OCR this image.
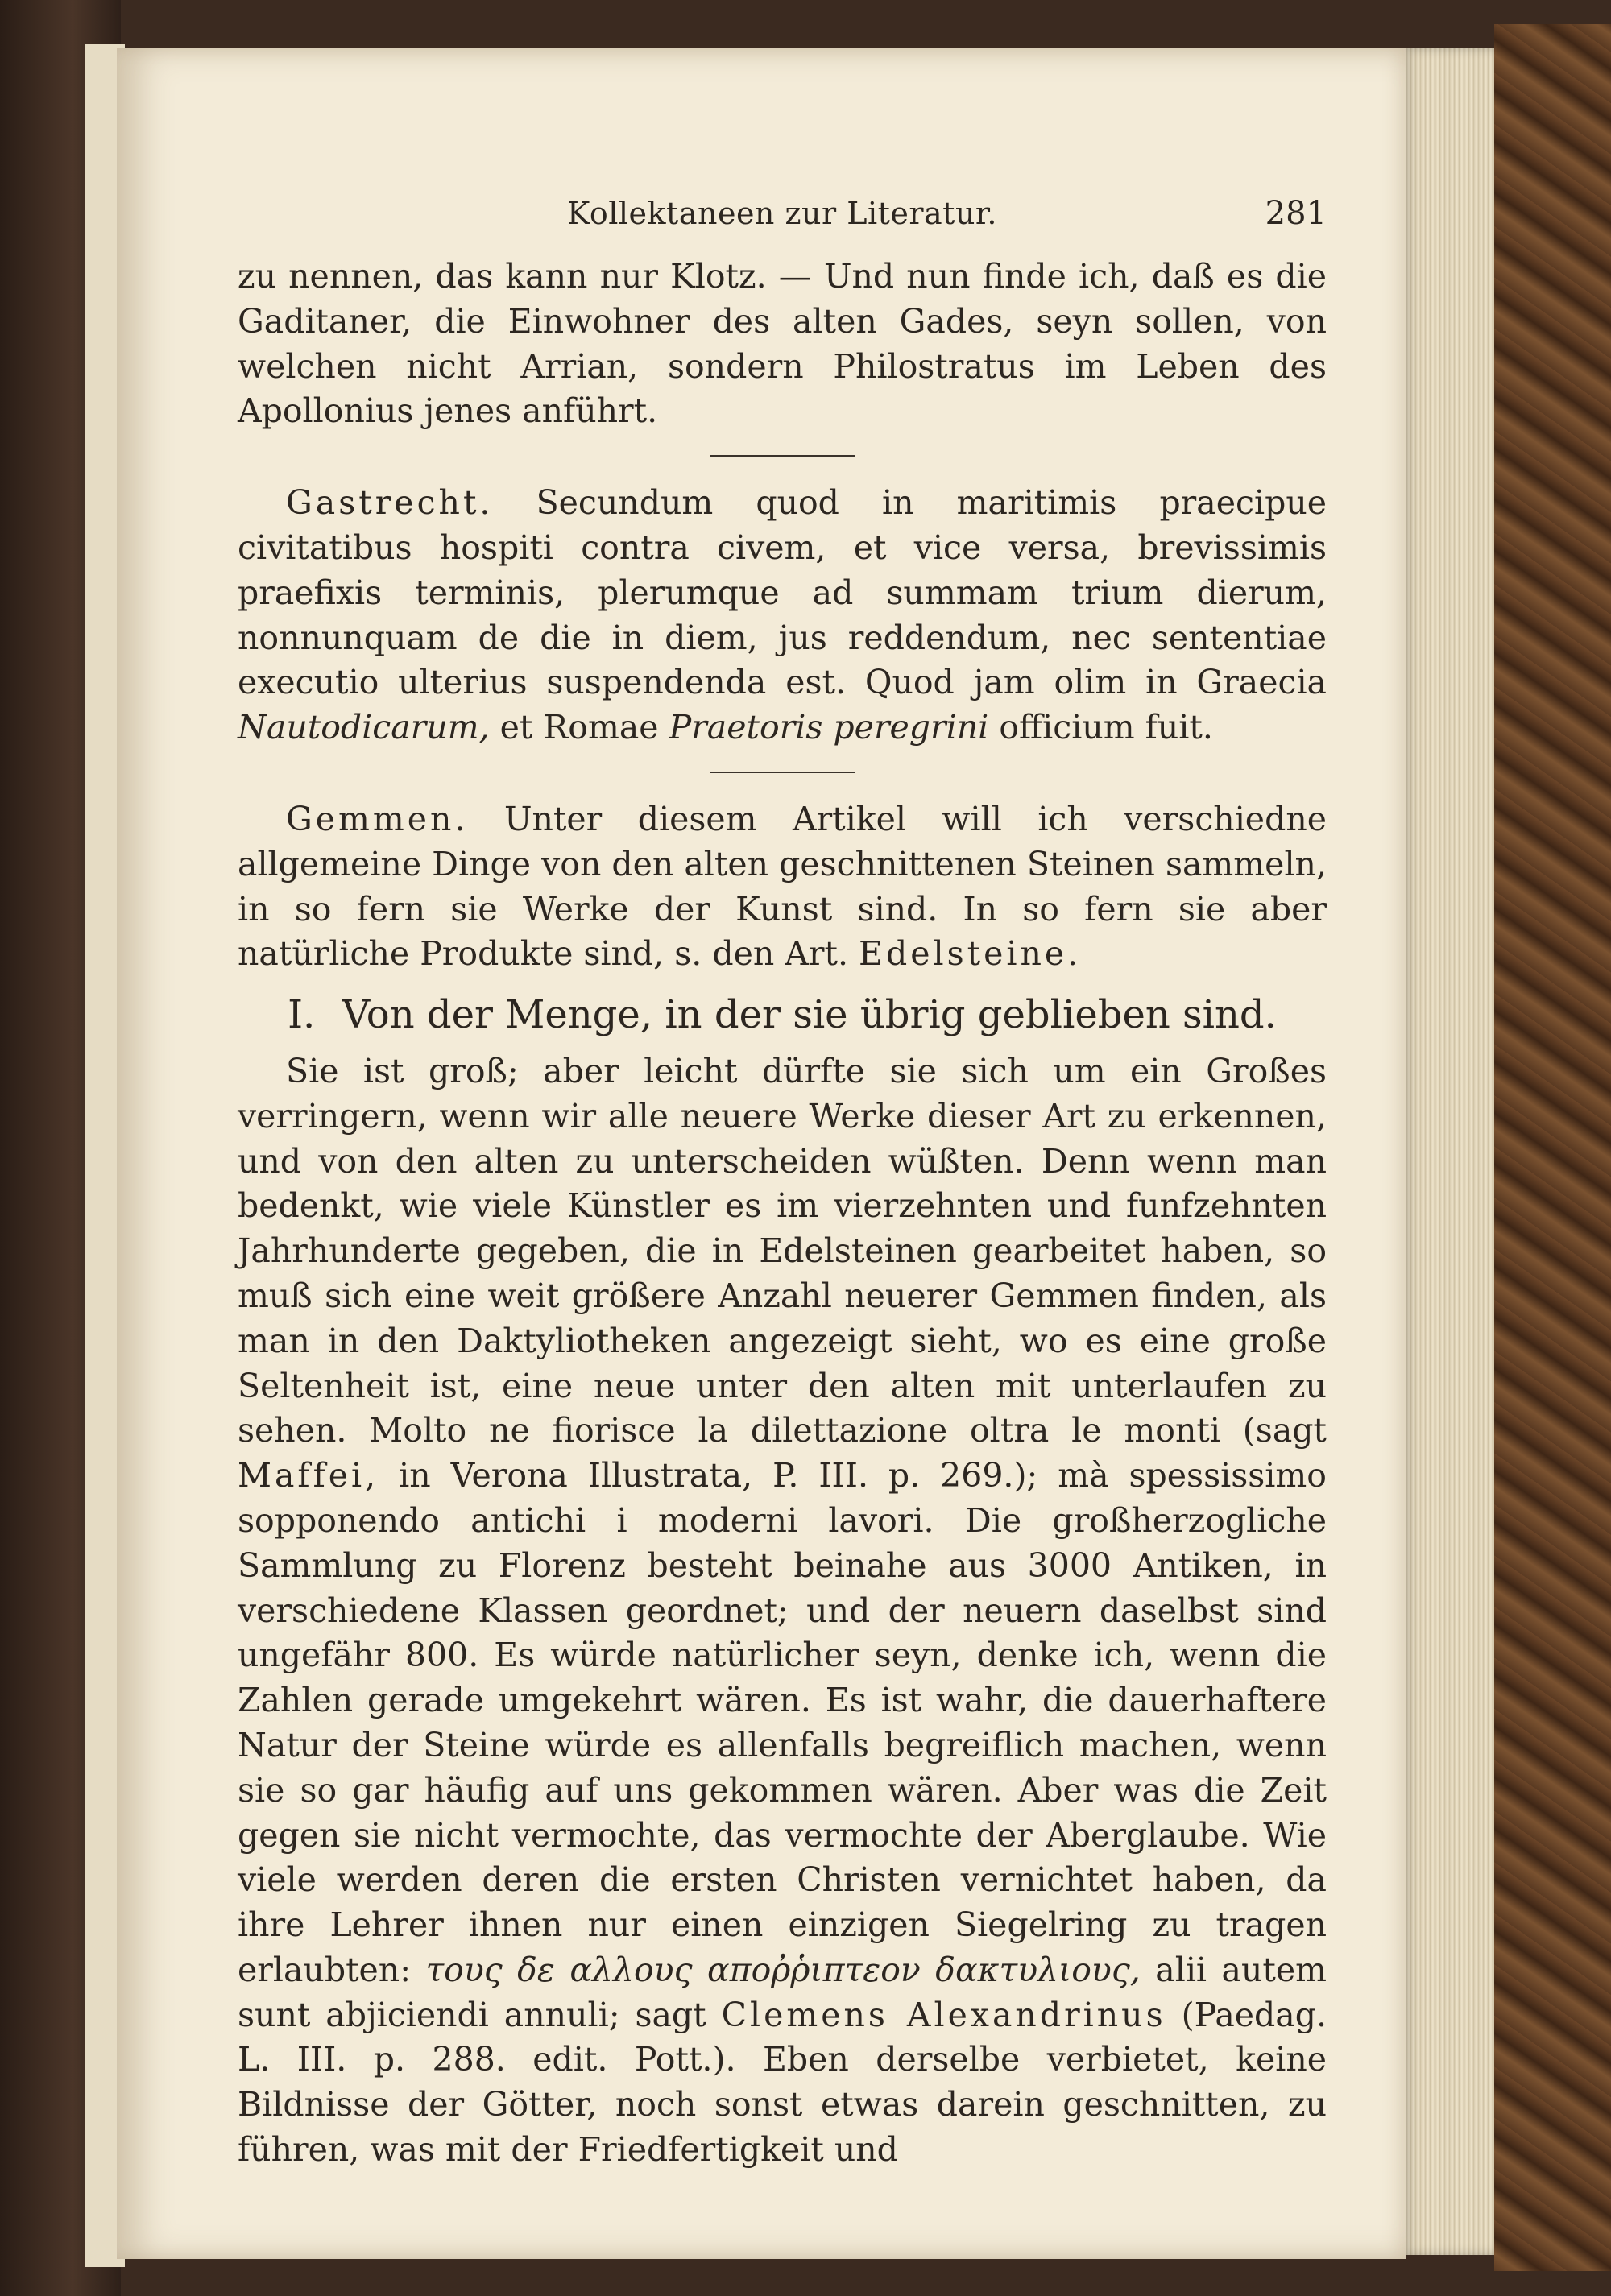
Kollektaneen zur Literatur.	281

zu nennen, das kann nur Klotz. — Und nun finde ich, daß es die Gaditaner, die Einwohner des alten Gades, seyn sollen, von welchen nicht Arrian, sondern Philostratus im Leben des Apollonius jenes anführt.

Gastrecht. Secundum quod in maritimis praecipue civitatibus hospiti contra civem, et vice versa, brevissimis praefixis terminis, plerumque ad summam trium dierum, nonnunquam de die in diem, jus reddendum, nec sententiae executio ulterius suspendenda est. Quod jam olim in Graecia Nautodicarum, et Romae Praetoris peregrini officium fuit.

Gemmen. Unter diesem Artikel will ich verschiedne allgemeine Dinge von den alten geschnittenen Steinen sammeln, in so fern sie Werke der Kunst sind. In so fern sie aber natürliche Produkte sind, s. den Art. Edelsteine.

I. Von der Menge, in der sie übrig geblieben sind.

Sie ist groß; aber leicht dürfte sie sich um ein Großes verringern, wenn wir alle neuere Werke dieser Art zu erkennen, und von den alten zu unterscheiden wüßten. Denn wenn man bedenkt, wie viele Künstler es im vierzehnten und funfzehnten Jahrhunderte gegeben, die in Edelsteinen gearbeitet haben, so muß sich eine weit größere Anzahl neuerer Gemmen finden, als man in den Daktyliotheken angezeigt sieht, wo es eine große Seltenheit ist, eine neue unter den alten mit unterlaufen zu sehen. Molto ne fiorisce la dilettazione oltra le monti (sagt Maffei, in Verona Illustrata, P. III. p. 269.); mà spessissimo sopponendo antichi i moderni lavori. Die großherzogliche Sammlung zu Florenz besteht beinahe aus 3000 Antiken, in verschiedene Klassen geordnet; und der neuern daselbst sind ungefähr 800. Es würde natürlicher seyn, denke ich, wenn die Zahlen gerade umgekehrt wären. Es ist wahr, die dauerhaftere Natur der Steine würde es allenfalls begreiflich machen, wenn sie so gar häufig auf uns gekommen wären. Aber was die Zeit gegen sie nicht vermochte, das vermochte der Aberglaube. Wie viele werden deren die ersten Christen vernichtet haben, da ihre Lehrer ihnen nur einen einzigen Siegelring zu tragen erlaubten: τους δε αλλους αποῤῥιπτεον δακτυλιους, alii autem sunt abjiciendi annuli; sagt Clemens Alexandrinus (Paedag. L. III. p. 288. edit. Pott.). Eben derselbe verbietet, keine Bildnisse der Götter, noch sonst etwas darein geschnitten, zu führen, was mit der Friedfertigkeit und
